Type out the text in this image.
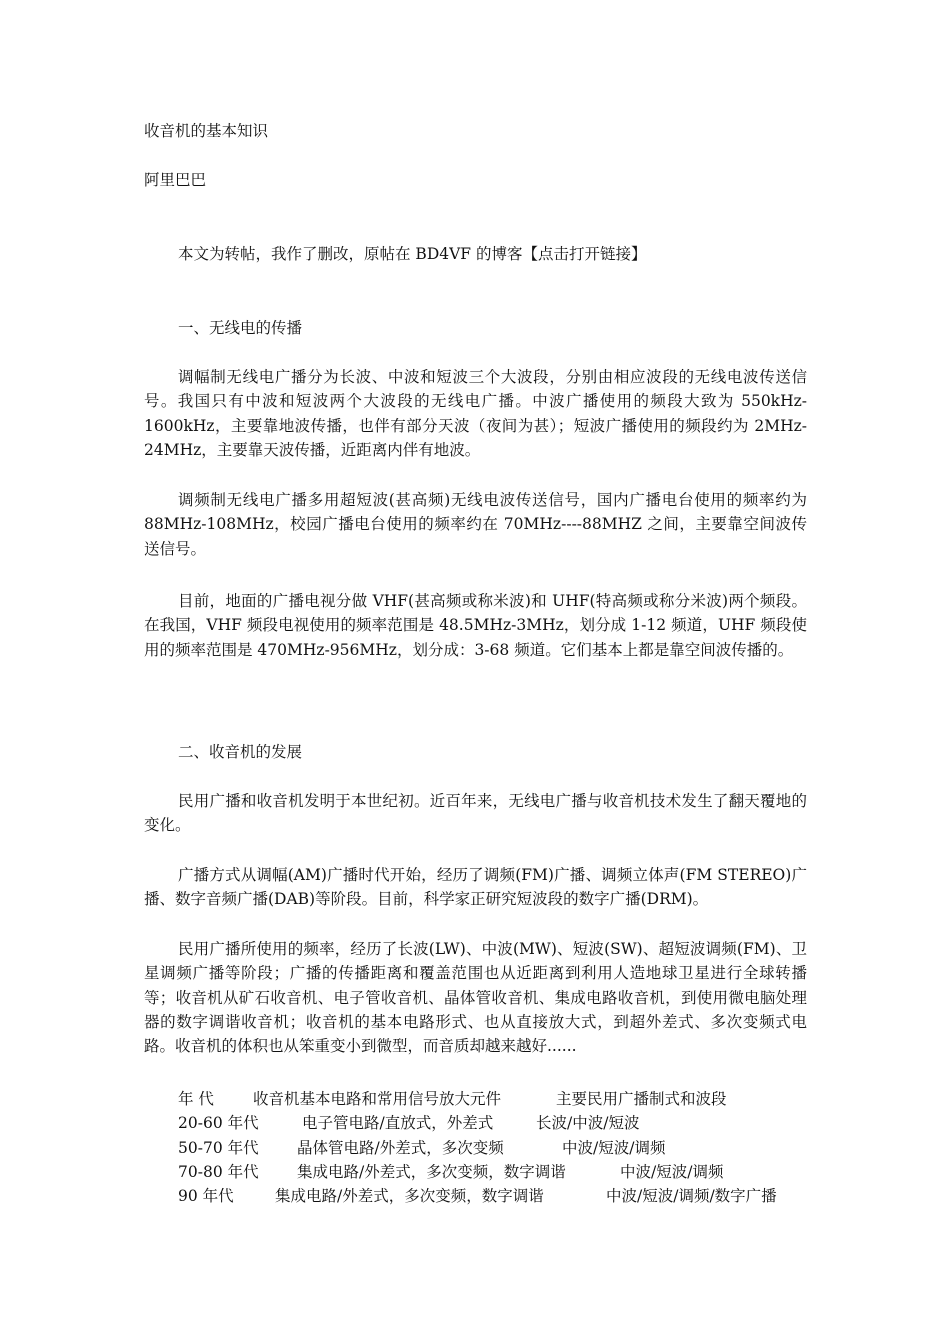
收音机的基本知识

阿里巴巴

本文为转帖，我作了删改，原帖在 BD4VF 的博客【点击打开链接】

一、无线电的传播

调幅制无线电广播分为长波、中波和短波三个大波段，分别由相应波段的无线电波传送信号。我国只有中波和短波两个大波段的无线电广播。中波广播使用的频段大致为 550kHz-1600kHz，主要靠地波传播，也伴有部分天波（夜间为甚）；短波广播使用的频段约为 2MHz-24MHz，主要靠天波传播，近距离内伴有地波。

调频制无线电广播多用超短波(甚高频)无线电波传送信号，国内广播电台使用的频率约为 88MHz-108MHz，校园广播电台使用的频率约在 70MHz----88MHZ 之间，主要靠空间波传送信号。

目前，地面的广播电视分做 VHF(甚高频或称米波)和 UHF(特高频或称分米波)两个频段。在我国，VHF 频段电视使用的频率范围是 48.5MHz-3MHz，划分成 1-12 频道，UHF 频段使用的频率范围是 470MHz-956MHz，划分成：3-68 频道。它们基本上都是靠空间波传播的。

二、收音机的发展

民用广播和收音机发明于本世纪初。近百年来，无线电广播与收音机技术发生了翻天覆地的变化。

广播方式从调幅(AM)广播时代开始，经历了调频(FM)广播、调频立体声(FM STEREO)广播、数字音频广播(DAB)等阶段。目前，科学家正研究短波段的数字广播(DRM)。

民用广播所使用的频率，经历了长波(LW)、中波(MW)、短波(SW)、超短波调频(FM)、卫星调频广播等阶段；广播的传播距离和覆盖范围也从近距离到利用人造地球卫星进行全球转播等；收音机从矿石收音机、电子管收音机、晶体管收音机、集成电路收音机，到使用微电脑处理器的数字调谐收音机；收音机的基本电路形式、也从直接放大式，到超外差式、多次变频式电路。收音机的体积也从笨重变小到微型，而音质却越来越好......

年 代	收音机基本电路和常用信号放大元件	主要民用广播制式和波段
20-60 年代	电子管电路/直放式，外差式	长波/中波/短波
50-70 年代 晶体管电路/外差式，多次变频	中波/短波/调频
70-80 年代 集成电路/外差式，多次变频，数字调谐	中波/短波/调频
90 年代	集成电路/外差式，多次变频，数字调谐	中波/短波/调频/数字广播
